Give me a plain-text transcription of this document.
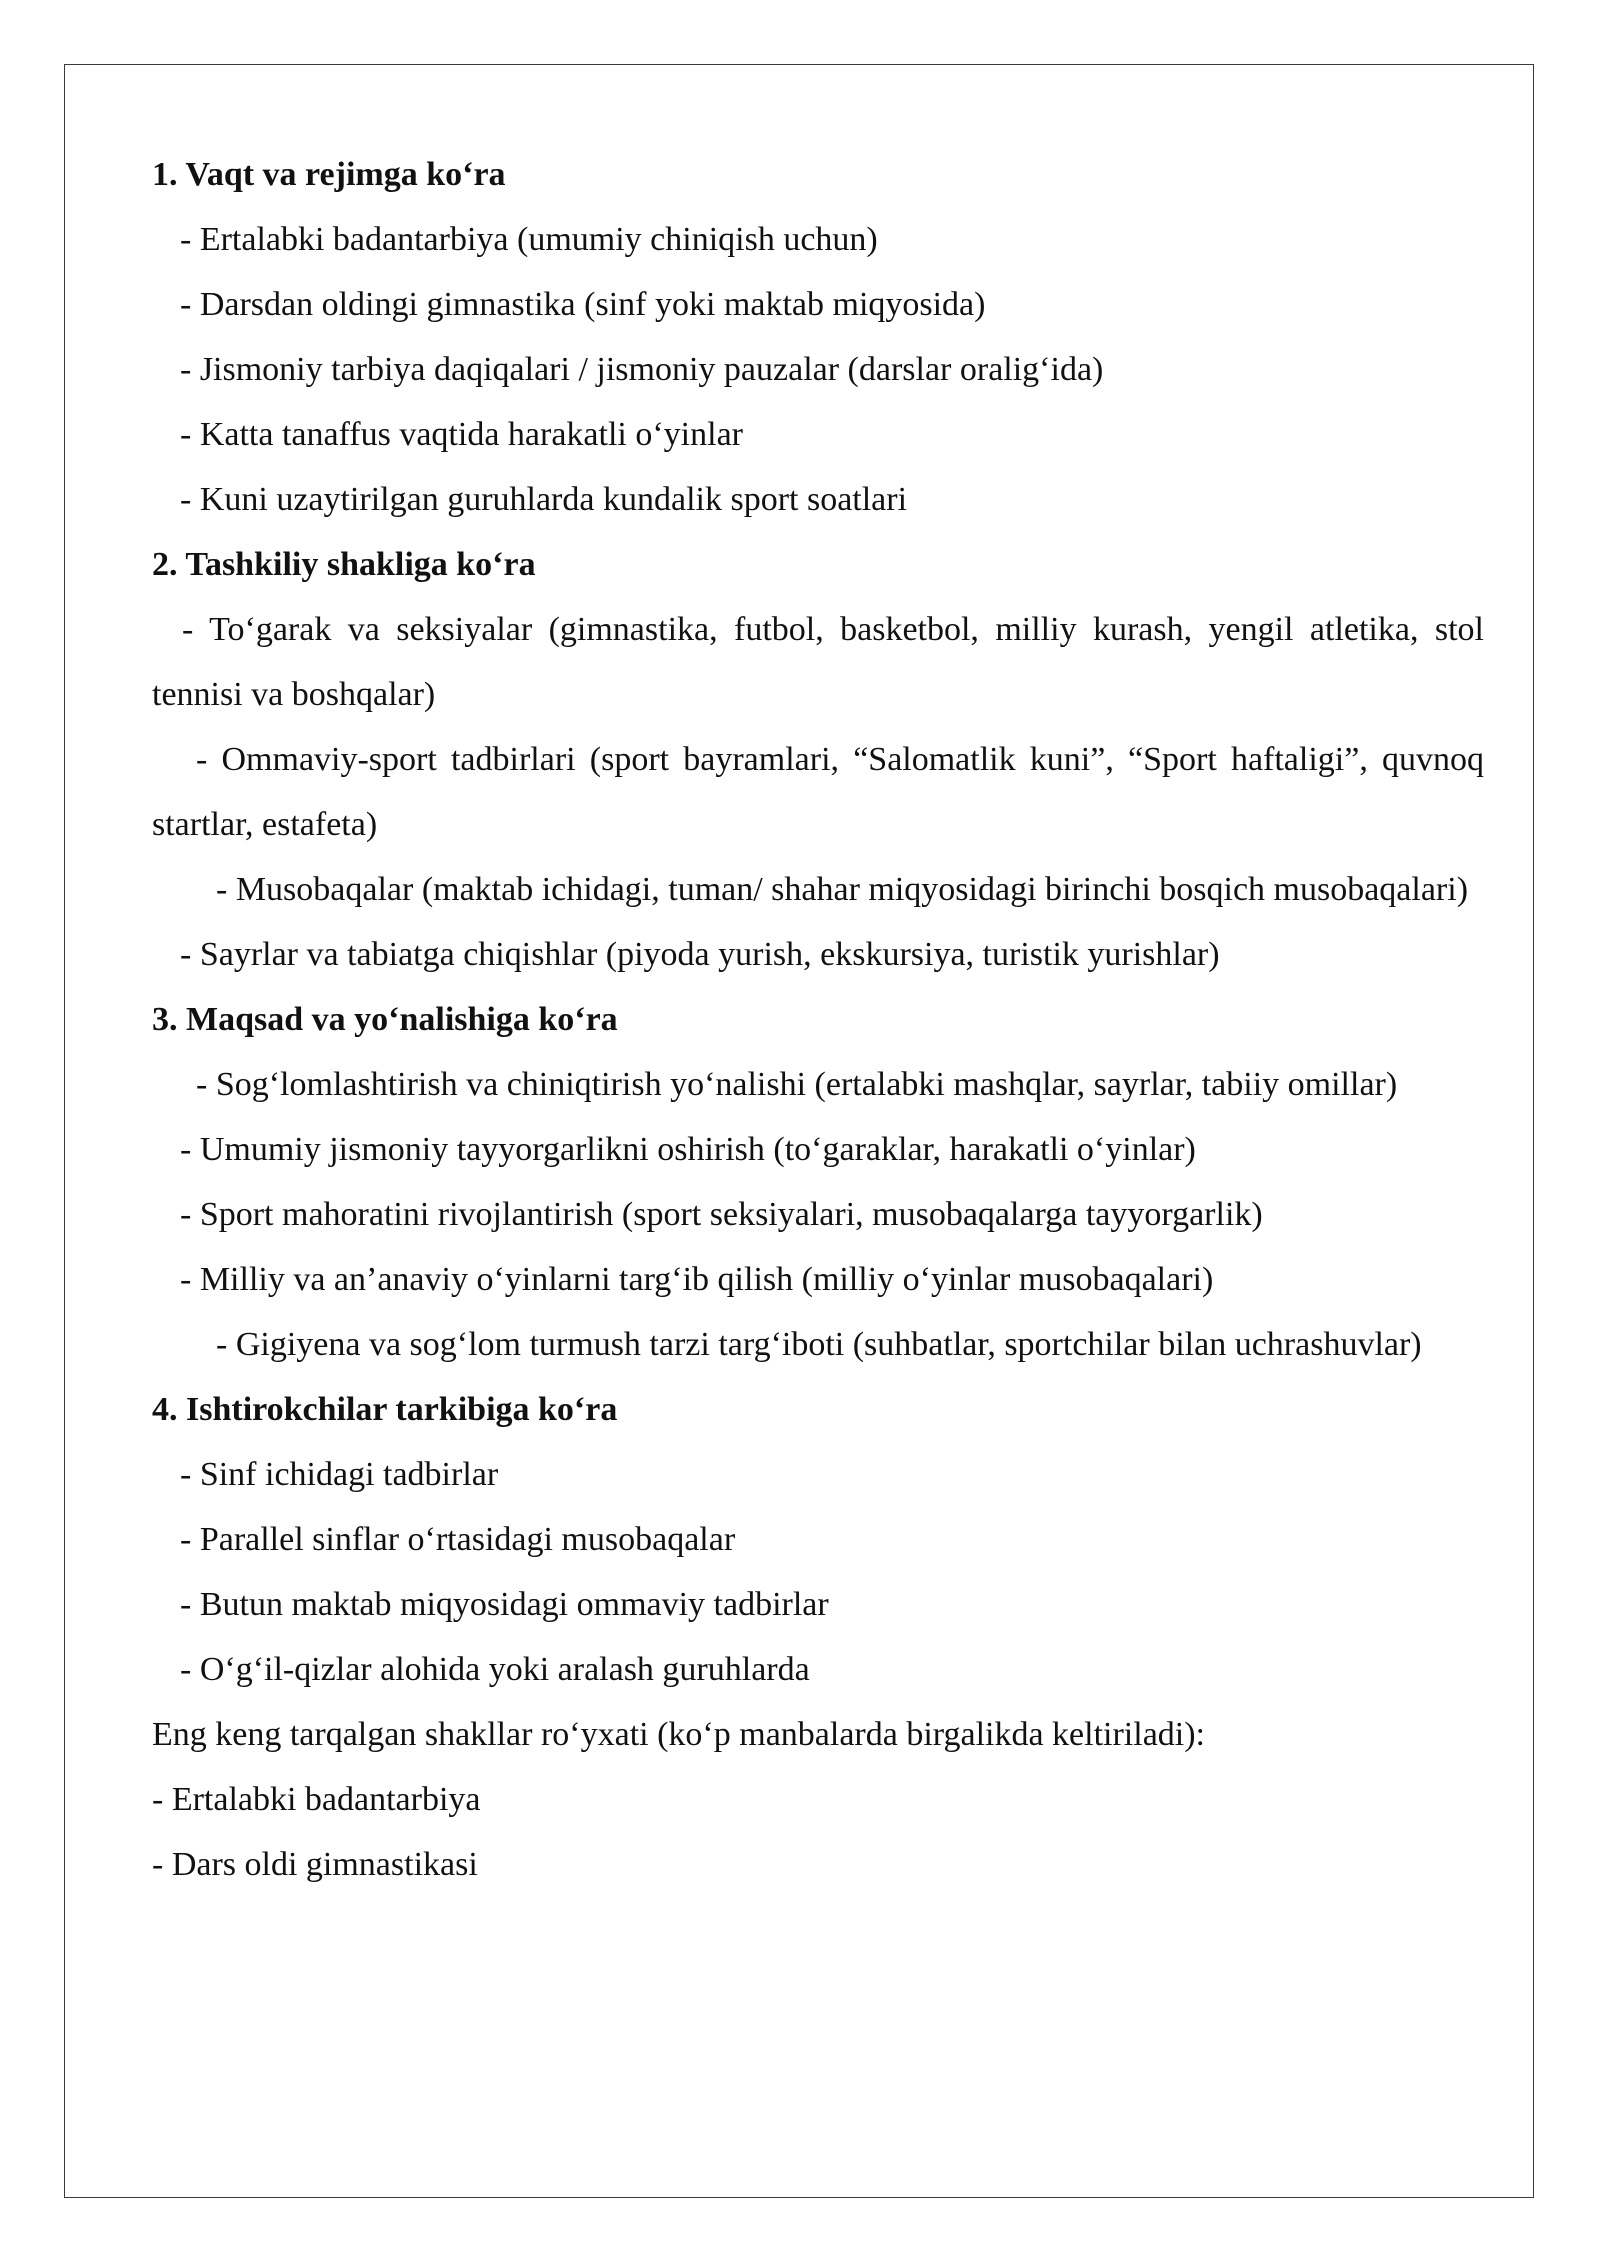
1. Vaqt va rejimga ko‘ra

- Ertalabki badantarbiya (umumiy chiniqish uchun)

- Darsdan oldingi gimnastika (sinf yoki maktab miqyosida)

- Jismoniy tarbiya daqiqalari / jismoniy pauzalar (darslar oralig‘ida)

- Katta tanaffus vaqtida harakatli o‘yinlar

- Kuni uzaytirilgan guruhlarda kundalik sport soatlari

2. Tashkiliy shakliga ko‘ra

- To‘garak va seksiyalar (gimnastika, futbol, basketbol, milliy kurash, yengil atletika, stol tennisi va boshqalar)

- Ommaviy-sport tadbirlari (sport bayramlari, “Salomatlik kuni”, “Sport haftaligi”, quvnoq startlar, estafeta)

- Musobaqalar (maktab ichidagi, tuman/ shahar miqyosidagi birinchi bosqich musobaqalari)

- Sayrlar va tabiatga chiqishlar (piyoda yurish, ekskursiya, turistik yurishlar)

3. Maqsad va yo‘nalishiga ko‘ra

- Sog‘lomlashtirish va chiniqtirish yo‘nalishi (ertalabki mashqlar, sayrlar, tabiiy omillar)

- Umumiy jismoniy tayyorgarlikni oshirish (to‘garaklar, harakatli o‘yinlar)

- Sport mahoratini rivojlantirish (sport seksiyalari, musobaqalarga tayyorgarlik)

- Milliy va an’anaviy o‘yinlarni targ‘ib qilish (milliy o‘yinlar musobaqalari)

- Gigiyena va sog‘lom turmush tarzi targ‘iboti (suhbatlar, sportchilar bilan uchrashuvlar)

4. Ishtirokchilar tarkibiga ko‘ra

- Sinf ichidagi tadbirlar

- Parallel sinflar o‘rtasidagi musobaqalar

- Butun maktab miqyosidagi ommaviy tadbirlar

- O‘g‘il-qizlar alohida yoki aralash guruhlarda

Eng keng tarqalgan shakllar ro‘yxati (ko‘p manbalarda birgalikda keltiriladi):

- Ertalabki badantarbiya

- Dars oldi gimnastikasi
